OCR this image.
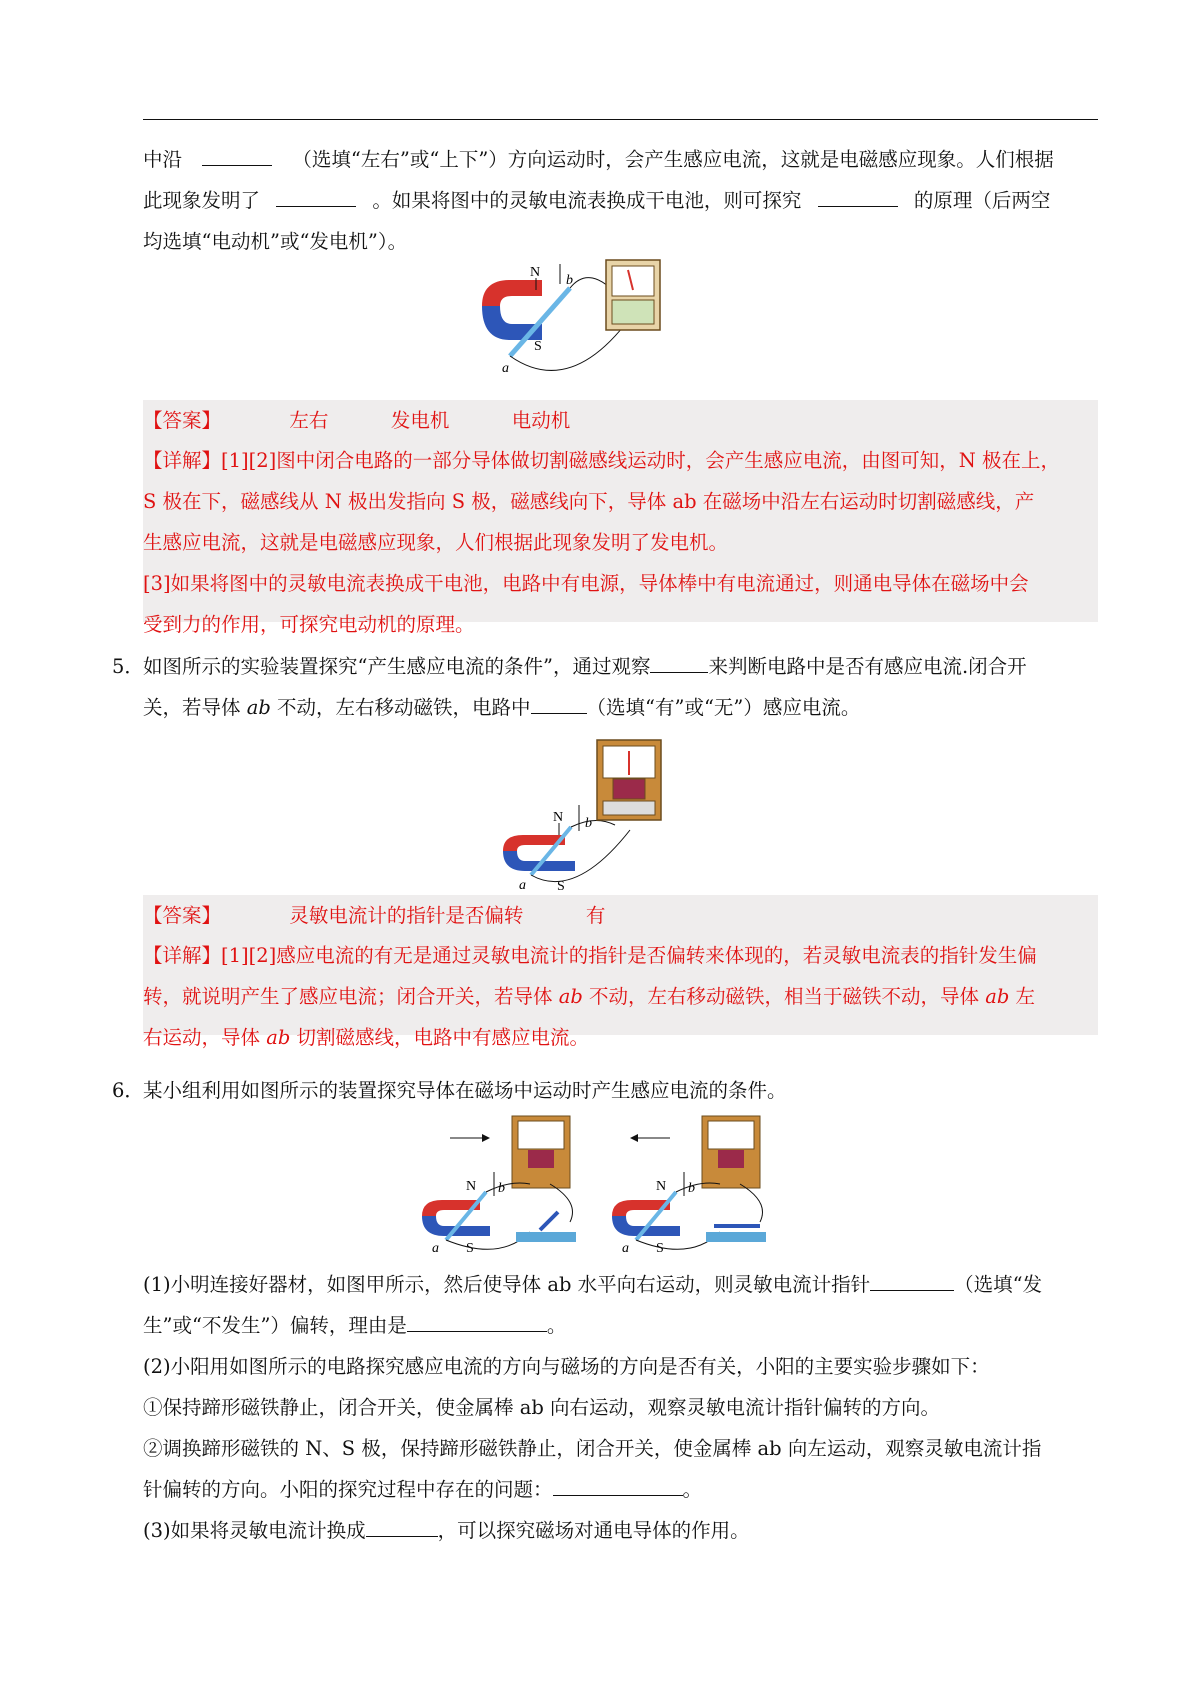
中沿	（选填“左右”或“上下”）方向运动时，会产生感应电流，这就是电磁感应现象。人们根据
此现象发明了	。如果将图中的灵敏电流表换成干电池，则可探究	的原理（后两空
均选填“电动机”或“发电机”）。
N
b
S
a
【答案】	左右	发电机	电动机
【详解】[1][2]图中闭合电路的一部分导体做切割磁感线运动时，会产生感应电流，由图可知，N 极在上，
S 极在下，磁感线从 N 极出发指向 S 极，磁感线向下，导体 ab 在磁场中沿左右运动时切割磁感线，产
生感应电流，这就是电磁感应现象，人们根据此现象发明了发电机。
[3]如果将图中的灵敏电流表换成干电池，电路中有电源，导体棒中有电流通过，则通电导体在磁场中会
受到力的作用，可探究电动机的原理。
5． 如图所示的实验装置探究“产生感应电流的条件”，通过观察	来判断电路中是否有感应电流.闭合开
关，若导体 ab 不动，左右移动磁铁，电路中	（选填“有”或“无”）感应电流。
N b
S
a
【答案】	灵敏电流计的指针是否偏转	有
【详解】[1][2]感应电流的有无是通过灵敏电流计的指针是否偏转来体现的，若灵敏电流表的指针发生偏
转，就说明产生了感应电流；闭合开关，若导体 ab 不动，左右移动磁铁，相当于磁铁不动，导体 ab 左
右运动，导体 ab 切割磁感线，电路中有感应电流。
6． 某小组利用如图所示的装置探究导体在磁场中运动时产生感应电流的条件。
N b
S
a
N b
S
a
(1)小明连接好器材，如图甲所示，然后使导体 ab 水平向右运动，则灵敏电流计指针	（选填“发
生”或“不发生”）偏转，理由是	。
(2)小阳用如图所示的电路探究感应电流的方向与磁场的方向是否有关，小阳的主要实验步骤如下：
①保持蹄形磁铁静止，闭合开关，使金属棒 ab 向右运动，观察灵敏电流计指针偏转的方向。
②调换蹄形磁铁的 N、S 极，保持蹄形磁铁静止，闭合开关，使金属棒 ab 向左运动，观察灵敏电流计指
针偏转的方向。小阳的探究过程中存在的问题：	。
(3)如果将灵敏电流计换成	，可以探究磁场对通电导体的作用。
